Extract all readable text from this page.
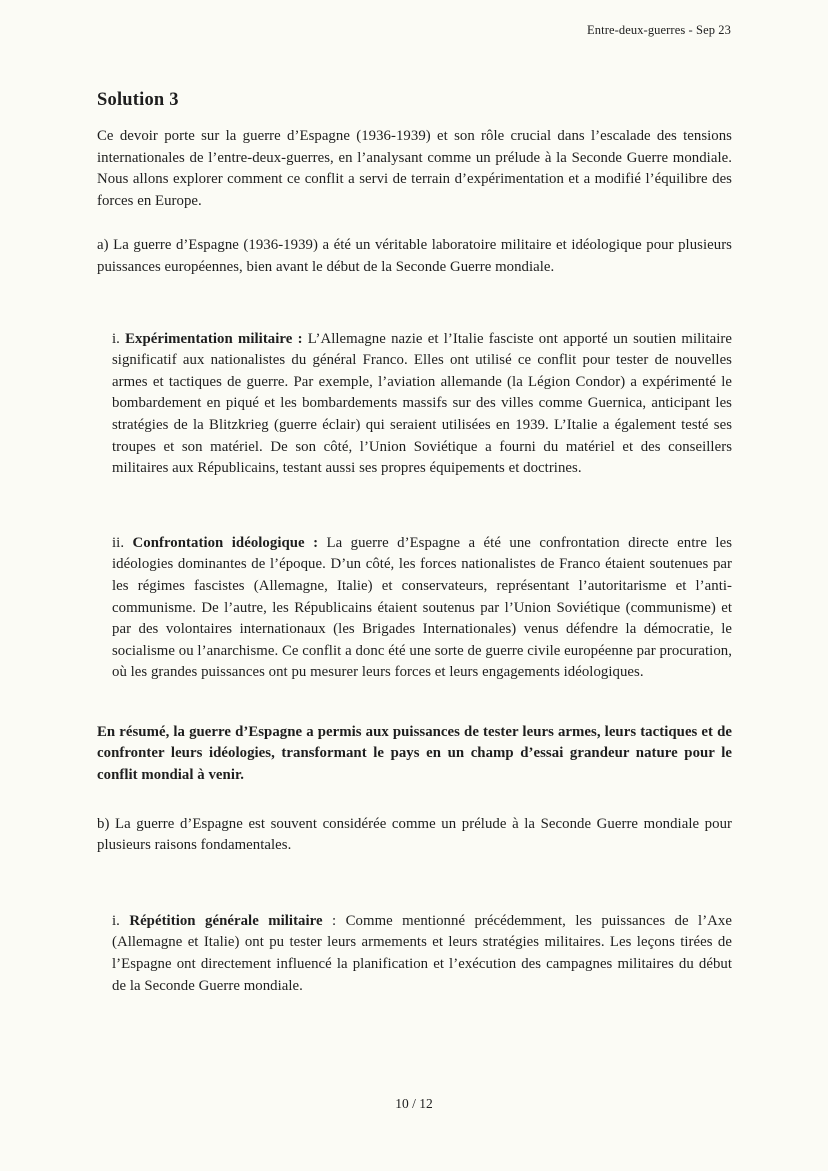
Entre-deux-guerres - Sep 23
Solution 3

Ce devoir porte sur la guerre d’Espagne (1936-1939) et son rôle crucial dans l’escalade des tensions internationales de l’entre-deux-guerres, en l’analysant comme un prélude à la Seconde Guerre mondiale. Nous allons explorer comment ce conflit a servi de terrain d’expérimentation et a modifié l’équilibre des forces en Europe.

a) La guerre d’Espagne (1936-1939) a été un véritable laboratoire militaire et idéologique pour plusieurs puissances européennes, bien avant le début de la Seconde Guerre mondiale.

i. Expérimentation militaire : L’Allemagne nazie et l’Italie fasciste ont apporté un soutien militaire significatif aux nationalistes du général Franco. Elles ont utilisé ce conflit pour tester de nouvelles armes et tactiques de guerre. Par exemple, l’aviation allemande (la Légion Condor) a expérimenté le bombardement en piqué et les bombardements massifs sur des villes comme Guernica, anticipant les stratégies de la Blitzkrieg (guerre éclair) qui seraient utilisées en 1939. L’Italie a également testé ses troupes et son matériel. De son côté, l’Union Soviétique a fourni du matériel et des conseillers militaires aux Républicains, testant aussi ses propres équipements et doctrines.

ii. Confrontation idéologique : La guerre d’Espagne a été une confrontation directe entre les idéologies dominantes de l’époque. D’un côté, les forces nationalistes de Franco étaient soutenues par les régimes fascistes (Allemagne, Italie) et conservateurs, représentant l’autoritarisme et l’anti-communisme. De l’autre, les Républicains étaient soutenus par l’Union Soviétique (communisme) et par des volontaires internationaux (les Brigades Internationales) venus défendre la démocratie, le socialisme ou l’anarchisme. Ce conflit a donc été une sorte de guerre civile européenne par procuration, où les grandes puissances ont pu mesurer leurs forces et leurs engagements idéologiques.

En résumé, la guerre d’Espagne a permis aux puissances de tester leurs armes, leurs tactiques et de confronter leurs idéologies, transformant le pays en un champ d’essai grandeur nature pour le conflit mondial à venir.

b) La guerre d’Espagne est souvent considérée comme un prélude à la Seconde Guerre mondiale pour plusieurs raisons fondamentales.

i. Répétition générale militaire : Comme mentionné précédemment, les puissances de l’Axe (Allemagne et Italie) ont pu tester leurs armements et leurs stratégies militaires. Les leçons tirées de l’Espagne ont directement influencé la planification et l’exécution des campagnes militaires du début de la Seconde Guerre mondiale.

10 / 12
